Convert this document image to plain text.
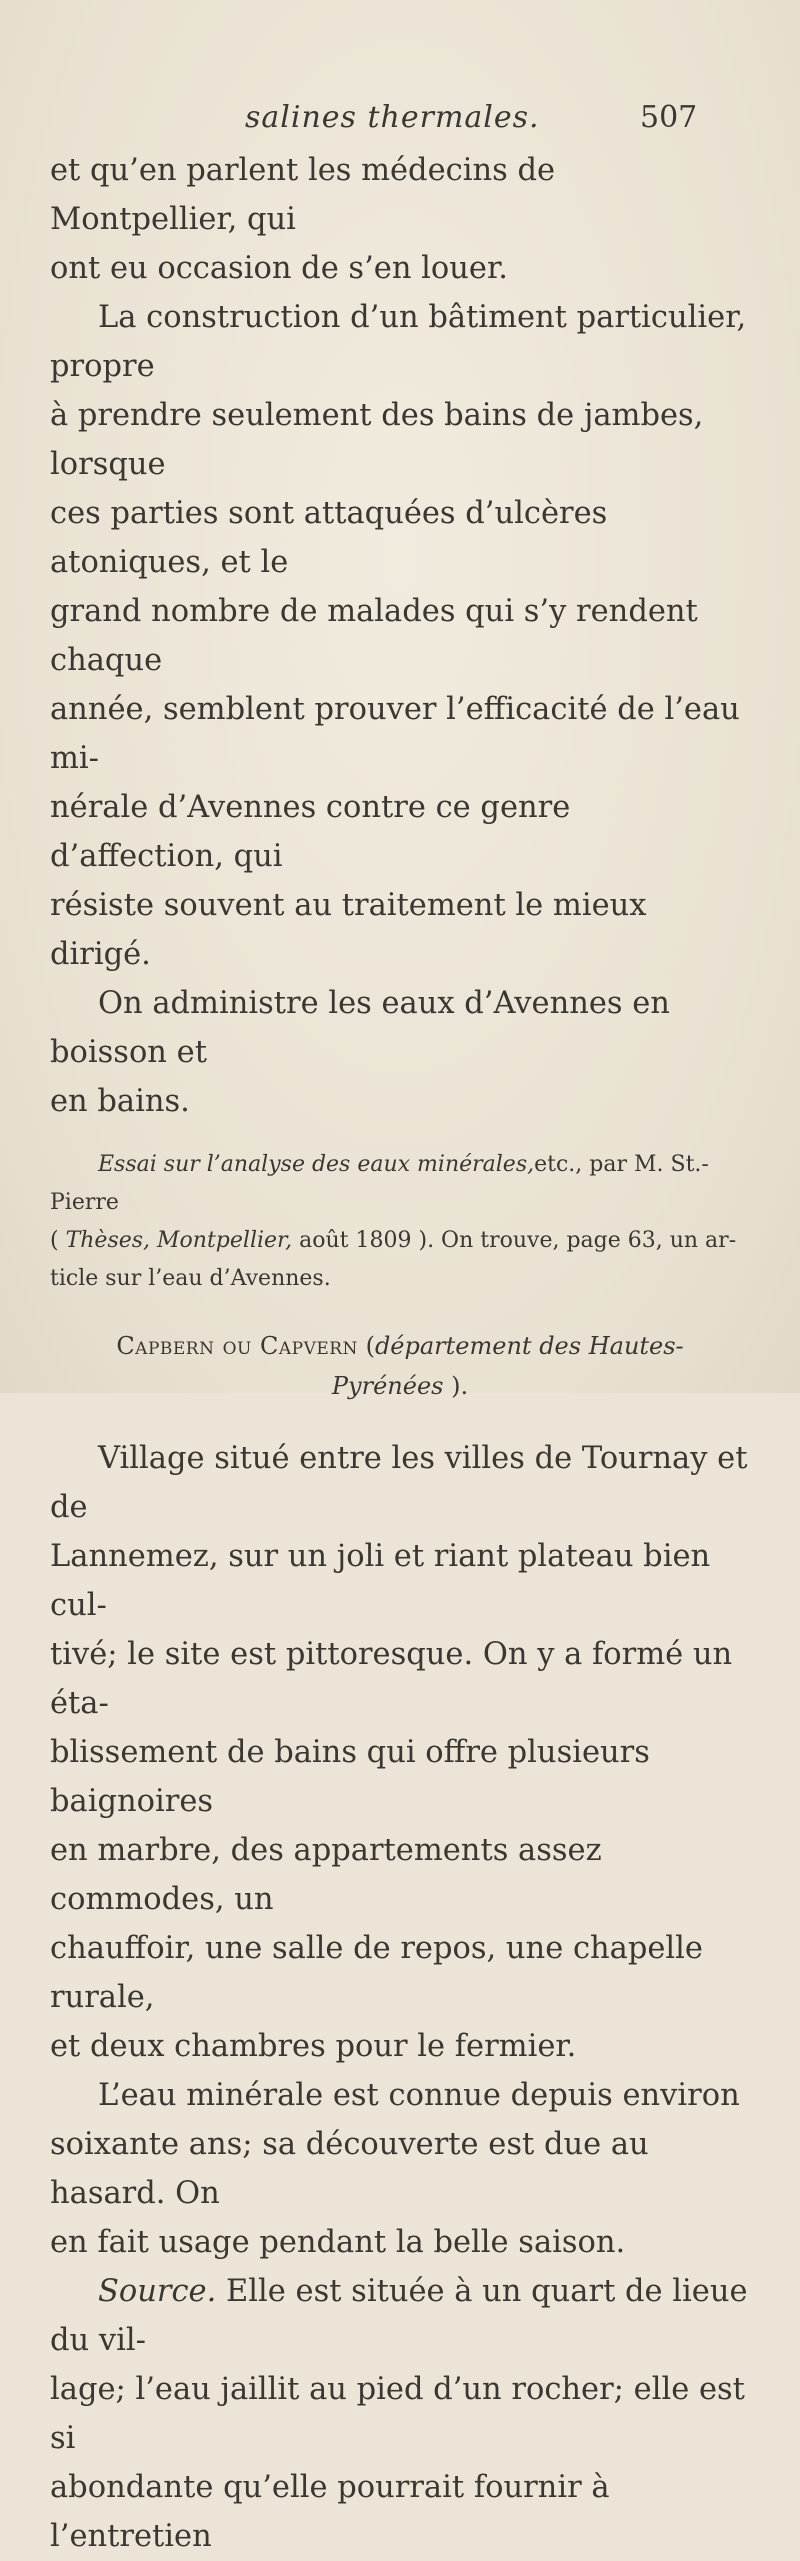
salines thermales.	507

et qu’en parlent les médecins de Montpellier, qui
ont eu occasion de s’en louer.

La construction d’un bâtiment particulier, propre
à prendre seulement des bains de jambes, lorsque
ces parties sont attaquées d’ulcères atoniques, et le
grand nombre de malades qui s’y rendent chaque
année, semblent prouver l’efficacité de l’eau mi-
nérale d’Avennes contre ce genre d’affection, qui
résiste souvent au traitement le mieux dirigé.

On administre les eaux d’Avennes en boisson et
en bains.

Essai sur l’analyse des eaux minérales,etc., par M. St.-Pierre
( Thèses, Montpellier, août 1809 ). On trouve, page 63, un ar-
ticle sur l’eau d’Avennes.

Capbern ou Capvern (département des Hautes-
Pyrénées ).

Village situé entre les villes de Tournay et de
Lannemez, sur un joli et riant plateau bien cul-
tivé; le site est pittoresque. On y a formé un éta-
blissement de bains qui offre plusieurs baignoires
en marbre, des appartements assez commodes, un
chauffoir, une salle de repos, une chapelle rurale,
et deux chambres pour le fermier.

L’eau minérale est connue depuis environ
soixante ans; sa découverte est due au hasard. On
en fait usage pendant la belle saison.

Source. Elle est située à un quart de lieue du vil-
lage; l’eau jaillit au pied d’un rocher; elle est si
abondante qu’elle pourrait fournir à l’entretien
